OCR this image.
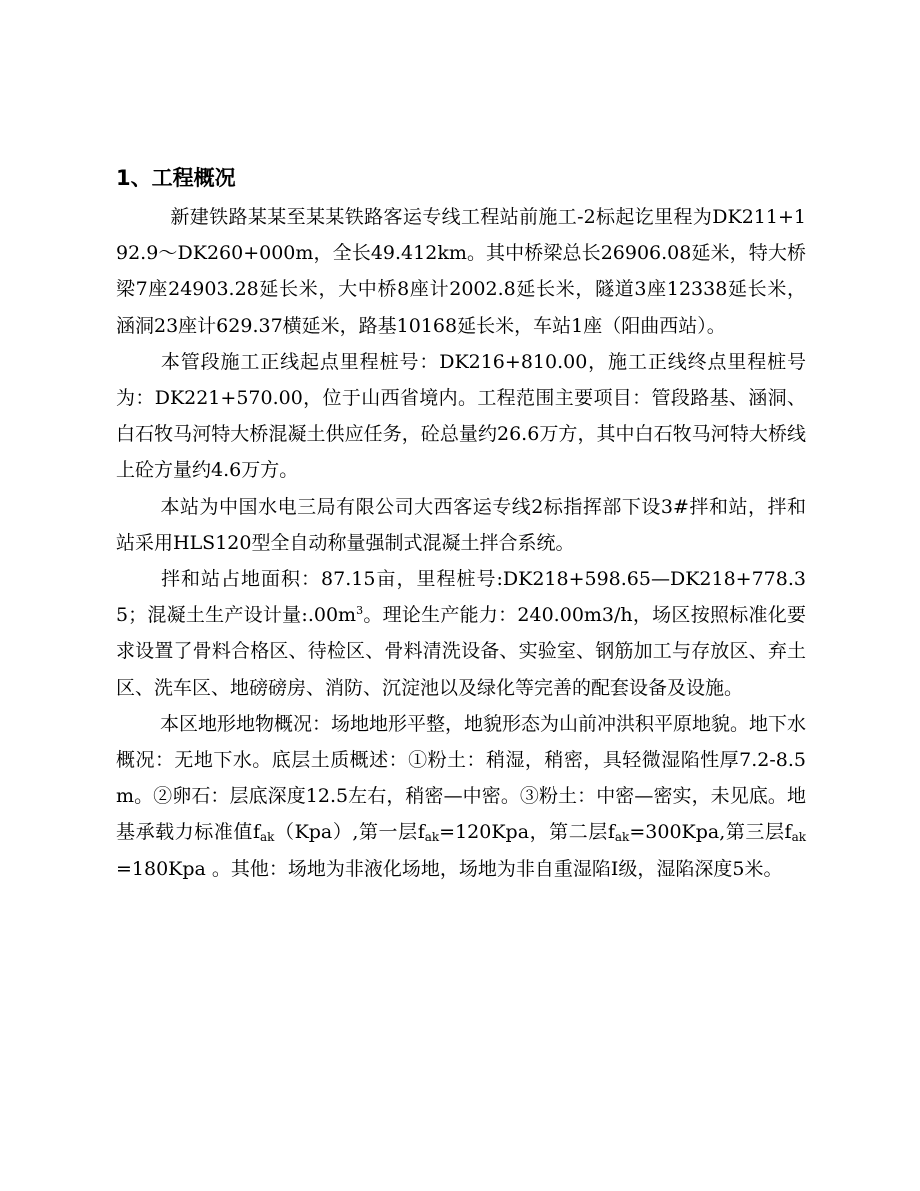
1、工程概况

新建铁路某某至某某铁路客运专线工程站前施工-2标起讫里程为DK211+192.9～DK260+000m，全长49.412km。其中桥梁总长26906.08延米，特大桥梁7座24903.28延长米，大中桥8座计2002.8延长米，隧道3座12338延长米，涵洞23座计629.37横延米，路基10168延长米，车站1座（阳曲西站）。

本管段施工正线起点里程桩号：DK216+810.00，施工正线终点里程桩号为：DK221+570.00，位于山西省境内。工程范围主要项目：管段路基、涵洞、白石牧马河特大桥混凝土供应任务，砼总量约26.6万方，其中白石牧马河特大桥线上砼方量约4.6万方。

本站为中国水电三局有限公司大西客运专线2标指挥部下设3#拌和站，拌和站采用HLS120型全自动称量强制式混凝土拌合系统。

拌和站占地面积：87.15亩，里程桩号:DK218+598.65—DK218+778.35；混凝土生产设计量$:.00m^3$。理论生产能力：240.00m3/h，场区按照标准化要求设置了骨料合格区、待检区、骨料清洗设备、实验室、钢筋加工与存放区、弃土区、洗车区、地磅磅房、消防、沉淀池以及绿化等完善的配套设备及设施。

本区地形地物概况：场地地形平整，地貌形态为山前冲洪积平原地貌。地下水概况：无地下水。底层土质概述：①粉土：稍湿，稍密，具轻微湿陷性厚7.2-8.5m。②卵石：层底深度12.5左右，稍密—中密。③粉土：中密—密实，未见底。地基承载力标准值$f_{ak}(Kpa)$,第一层$f_{ak}=120Kpa$，第二层$f_{ak}=300Kpa$,第三层$f_{ak}=180Kpa$ 。其他：场地为非液化场地，场地为非自重湿陷Ⅰ级，湿陷深度5米。
